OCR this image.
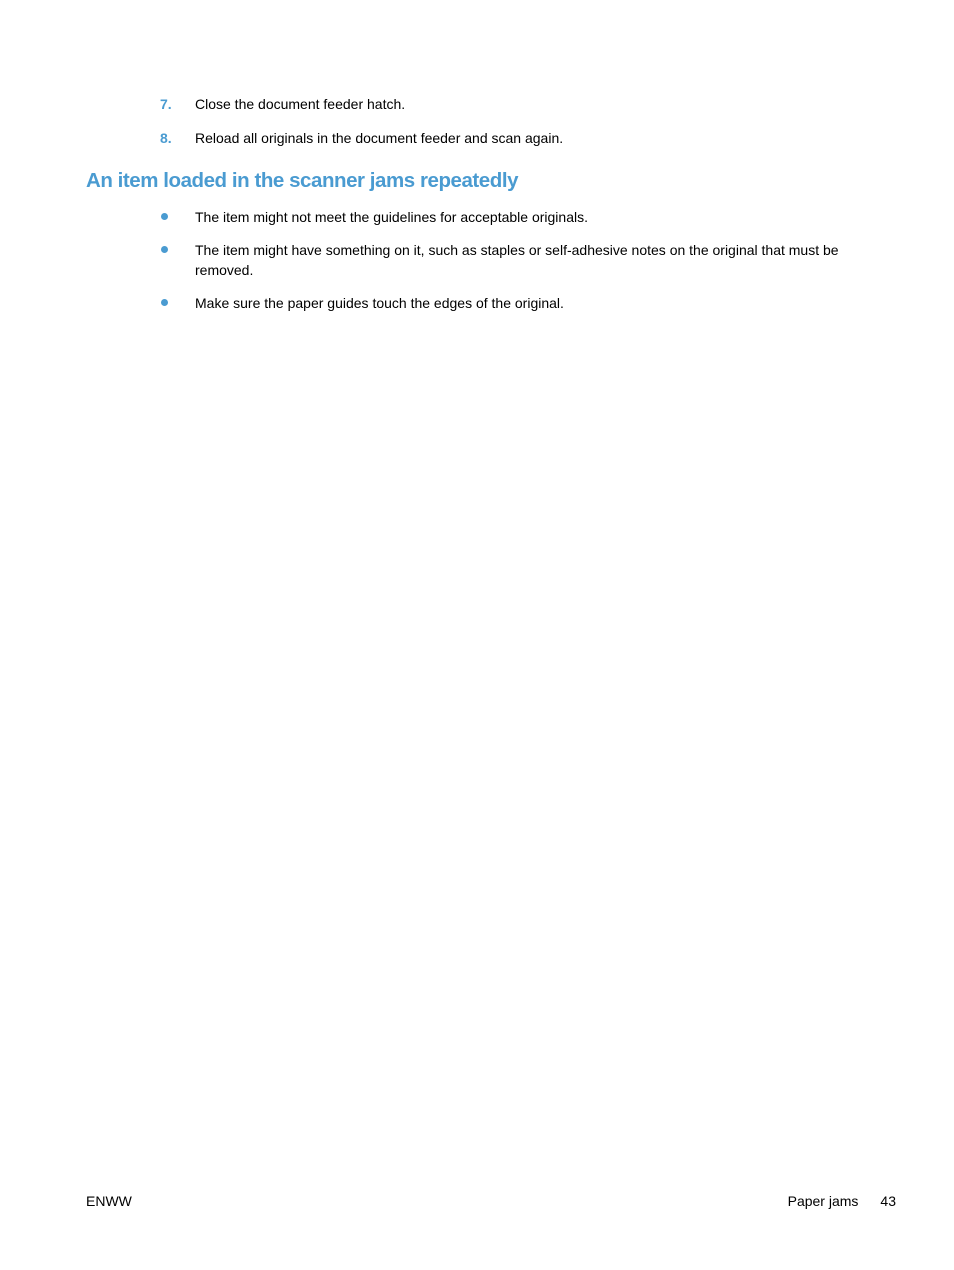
7. Close the document feeder hatch.
8. Reload all originals in the document feeder and scan again.
An item loaded in the scanner jams repeatedly
The item might not meet the guidelines for acceptable originals.
The item might have something on it, such as staples or self-adhesive notes on the original that must be removed.
Make sure the paper guides touch the edges of the original.
ENWW	Paper jams 43
